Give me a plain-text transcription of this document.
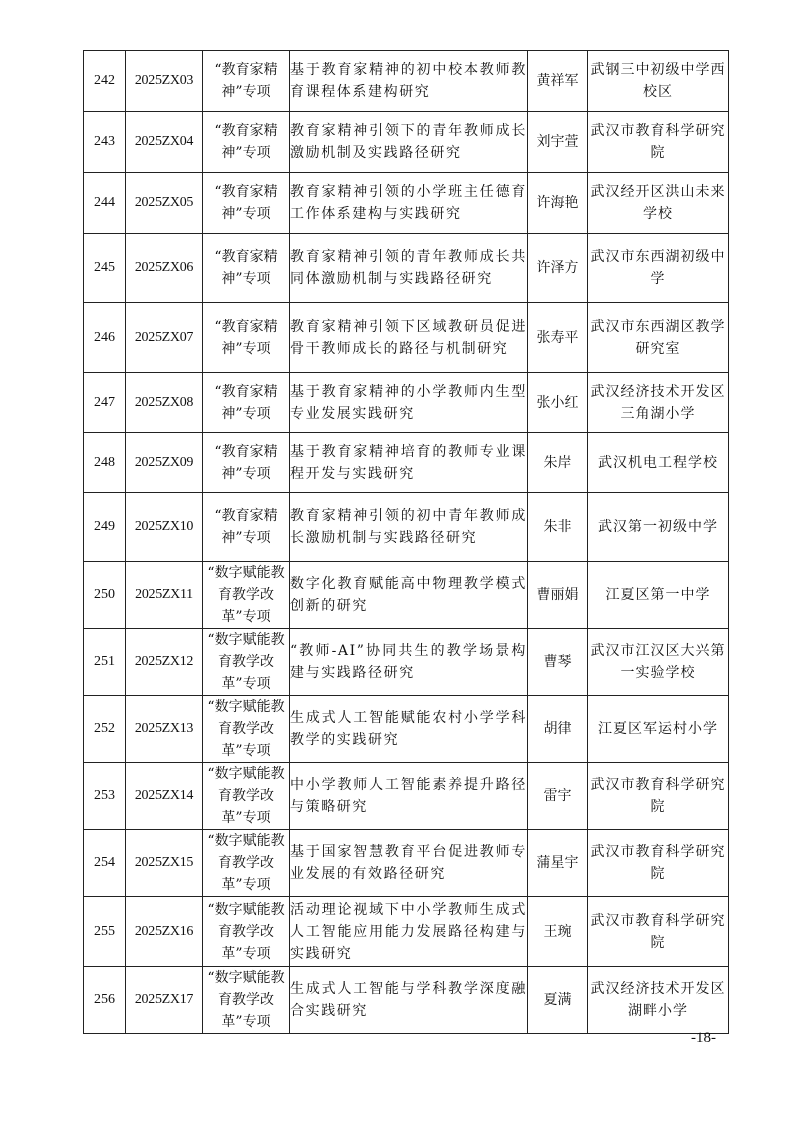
242	2025ZX03	“教育家精神”专项	基于教育家精神的初中校本教师教育课程体系建构研究	黄祥军	武钢三中初级中学西校区
243	2025ZX04	“教育家精神”专项	教育家精神引领下的青年教师成长激励机制及实践路径研究	刘宇萱	武汉市教育科学研究院
244	2025ZX05	“教育家精神”专项	教育家精神引领的小学班主任德育工作体系建构与实践研究	许海艳	武汉经开区洪山未来学校
245	2025ZX06	“教育家精神”专项	教育家精神引领的青年教师成长共同体激励机制与实践路径研究	许泽方	武汉市东西湖初级中学
246	2025ZX07	“教育家精神”专项	教育家精神引领下区域教研员促进骨干教师成长的路径与机制研究	张寿平	武汉市东西湖区教学研究室
247	2025ZX08	“教育家精神”专项	基于教育家精神的小学教师内生型专业发展实践研究	张小红	武汉经济技术开发区三角湖小学
248	2025ZX09	“教育家精神”专项	基于教育家精神培育的教师专业课程开发与实践研究	朱岸	武汉机电工程学校
249	2025ZX10	“教育家精神”专项	教育家精神引领的初中青年教师成长激励机制与实践路径研究	朱非	武汉第一初级中学
250	2025ZX11	“数字赋能教育教学改革”专项	数字化教育赋能高中物理教学模式创新的研究	曹丽娟	江夏区第一中学
251	2025ZX12	“数字赋能教育教学改革”专项	“教师-AI”协同共生的教学场景构建与实践路径研究	曹琴	武汉市江汉区大兴第一实验学校
252	2025ZX13	“数字赋能教育教学改革”专项	生成式人工智能赋能农村小学学科教学的实践研究	胡律	江夏区军运村小学
253	2025ZX14	“数字赋能教育教学改革”专项	中小学教师人工智能素养提升路径与策略研究	雷宇	武汉市教育科学研究院
254	2025ZX15	“数字赋能教育教学改革”专项	基于国家智慧教育平台促进教师专业发展的有效路径研究	蒲星宇	武汉市教育科学研究院
255	2025ZX16	“数字赋能教育教学改革”专项	活动理论视域下中小学教师生成式人工智能应用能力发展路径构建与实践研究	王琬	武汉市教育科学研究院
256	2025ZX17	“数字赋能教育教学改革”专项	生成式人工智能与学科教学深度融合实践研究	夏满	武汉经济技术开发区湖畔小学
-18-
